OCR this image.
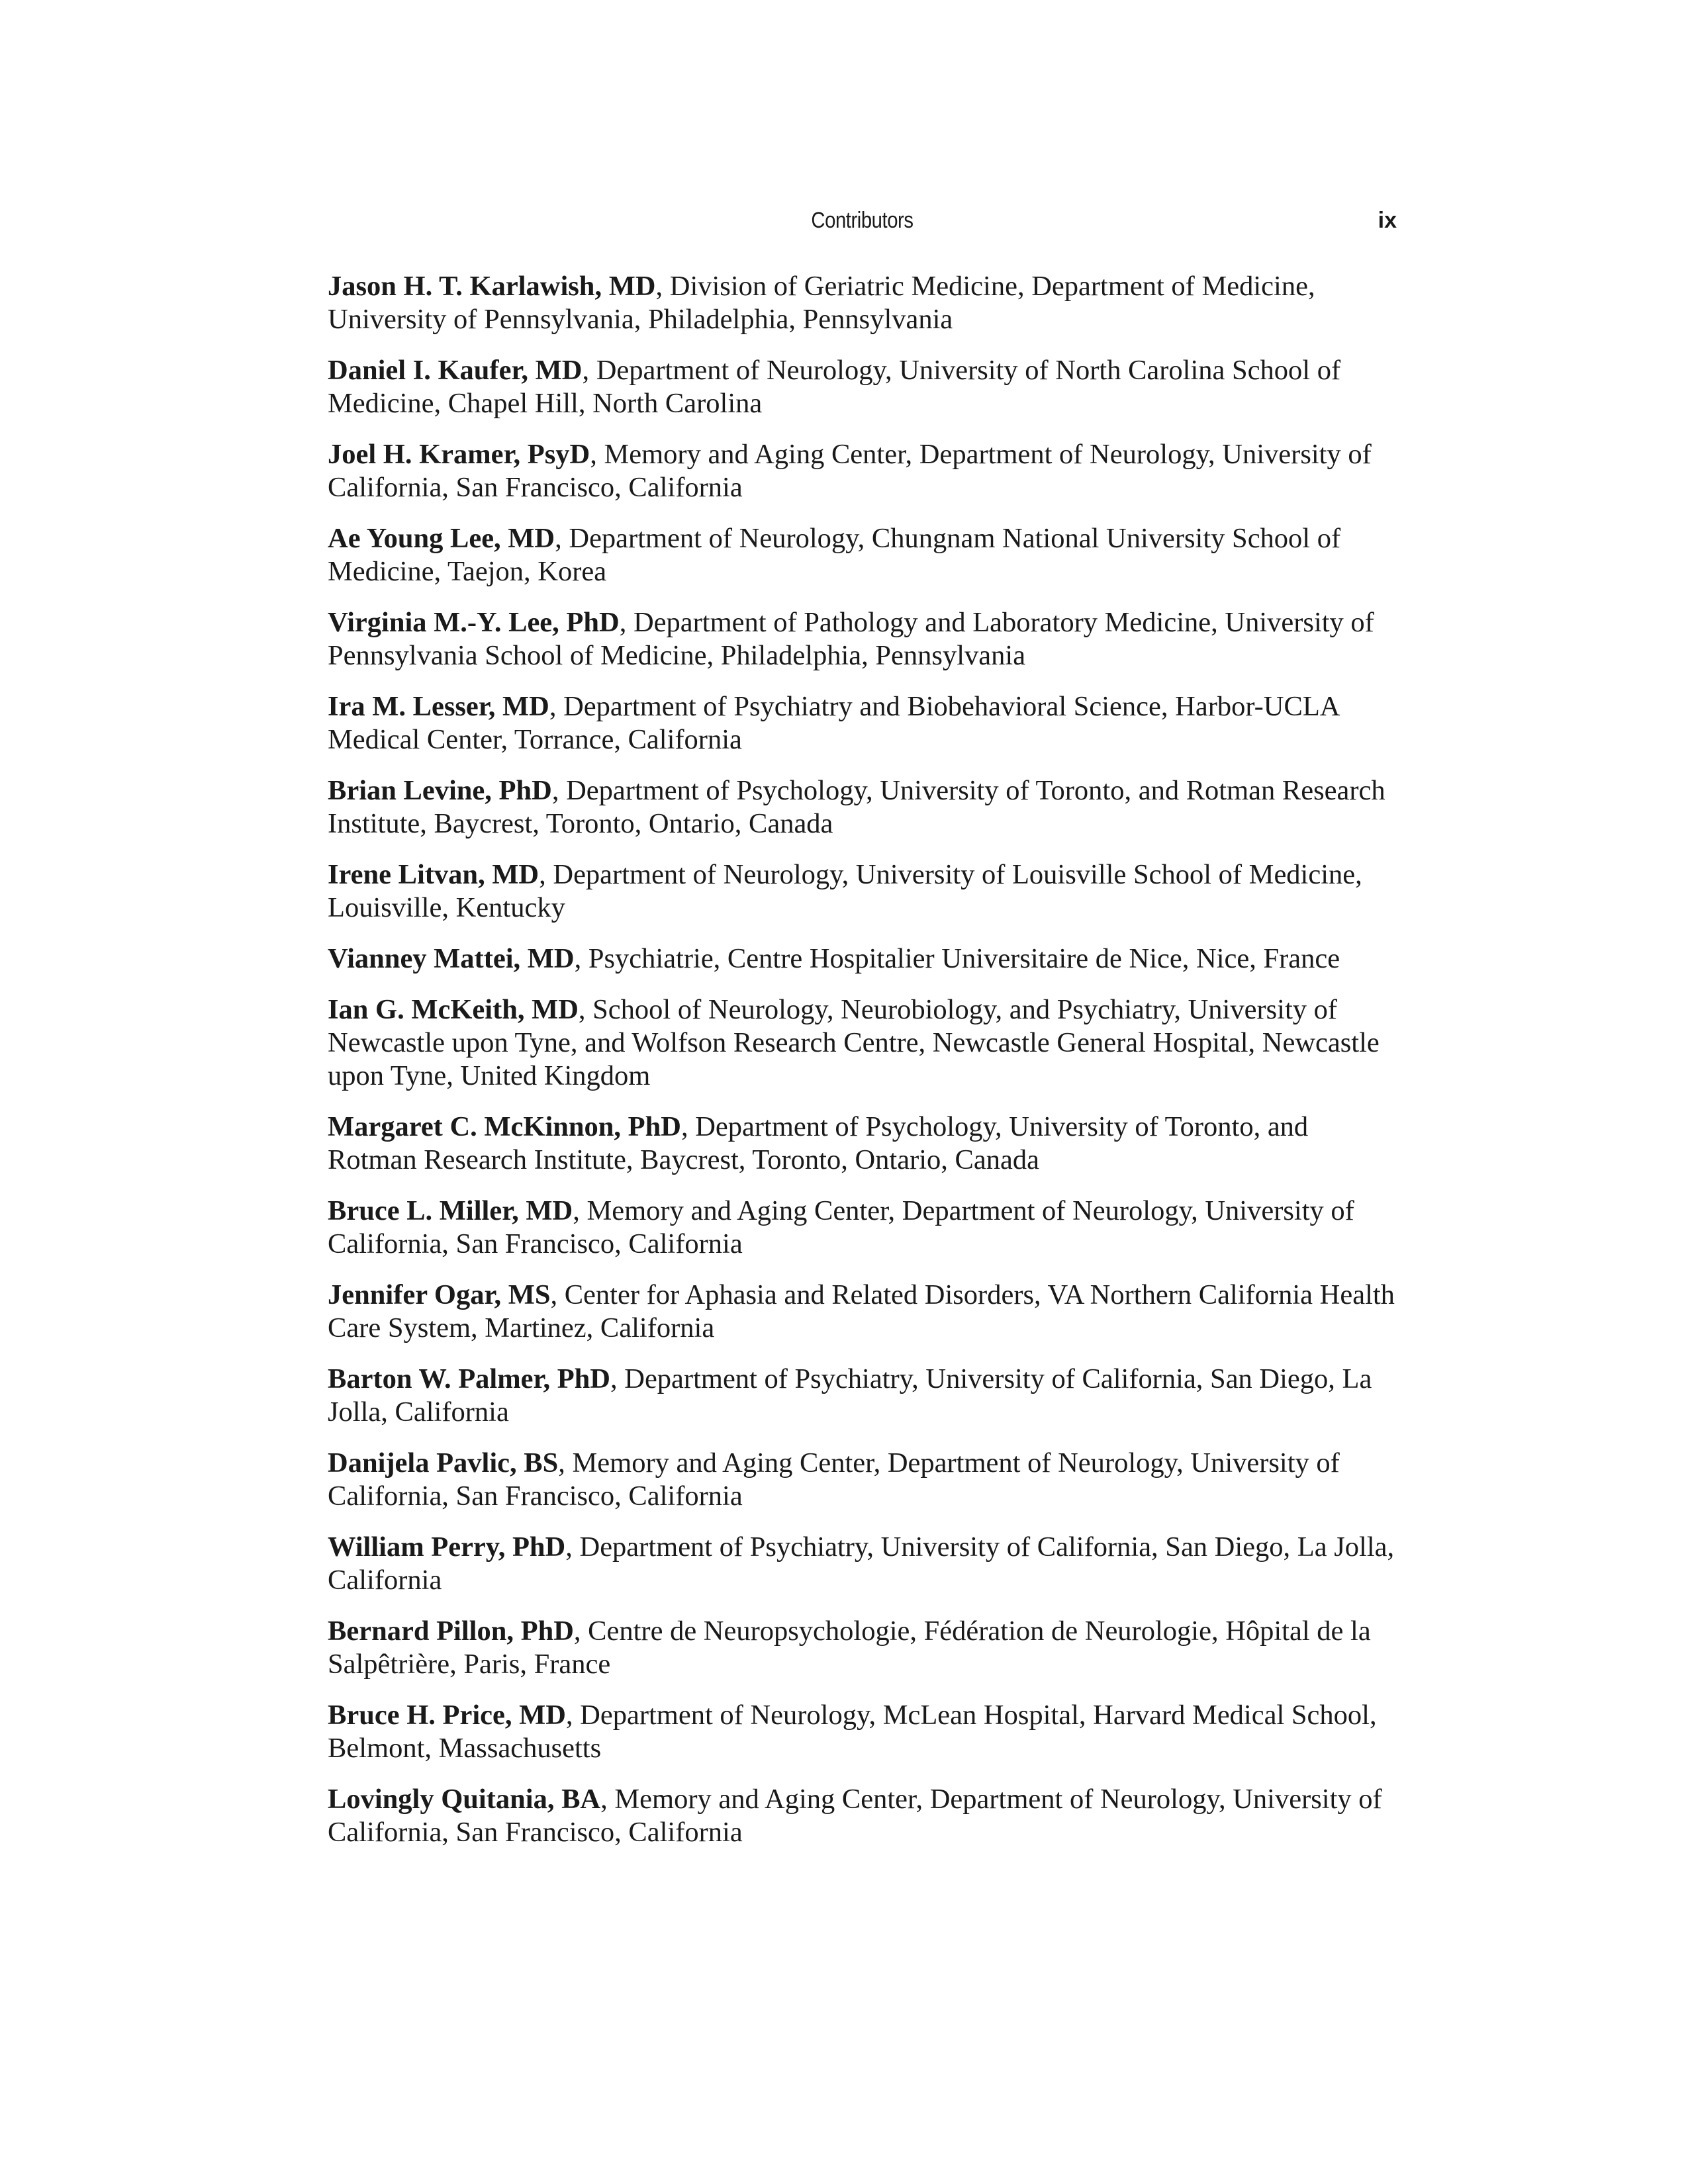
Contributors	ix
Jason H. T. Karlawish, MD, Division of Geriatric Medicine, Department of Medicine, University of Pennsylvania, Philadelphia, Pennsylvania
Daniel I. Kaufer, MD, Department of Neurology, University of North Carolina School of Medicine, Chapel Hill, North Carolina
Joel H. Kramer, PsyD, Memory and Aging Center, Department of Neurology, University of California, San Francisco, California
Ae Young Lee, MD, Department of Neurology, Chungnam National University School of Medicine, Taejon, Korea
Virginia M.-Y. Lee, PhD, Department of Pathology and Laboratory Medicine, University of Pennsylvania School of Medicine, Philadelphia, Pennsylvania
Ira M. Lesser, MD, Department of Psychiatry and Biobehavioral Science, Harbor-UCLA Medical Center, Torrance, California
Brian Levine, PhD, Department of Psychology, University of Toronto, and Rotman Research Institute, Baycrest, Toronto, Ontario, Canada
Irene Litvan, MD, Department of Neurology, University of Louisville School of Medicine, Louisville, Kentucky
Vianney Mattei, MD, Psychiatrie, Centre Hospitalier Universitaire de Nice, Nice, France
Ian G. McKeith, MD, School of Neurology, Neurobiology, and Psychiatry, University of Newcastle upon Tyne, and Wolfson Research Centre, Newcastle General Hospital, Newcastle upon Tyne, United Kingdom
Margaret C. McKinnon, PhD, Department of Psychology, University of Toronto, and Rotman Research Institute, Baycrest, Toronto, Ontario, Canada
Bruce L. Miller, MD, Memory and Aging Center, Department of Neurology, University of California, San Francisco, California
Jennifer Ogar, MS, Center for Aphasia and Related Disorders, VA Northern California Health Care System, Martinez, California
Barton W. Palmer, PhD, Department of Psychiatry, University of California, San Diego, La Jolla, California
Danijela Pavlic, BS, Memory and Aging Center, Department of Neurology, University of California, San Francisco, California
William Perry, PhD, Department of Psychiatry, University of California, San Diego, La Jolla, California
Bernard Pillon, PhD, Centre de Neuropsychologie, Fédération de Neurologie, Hôpital de la Salpêtrière, Paris, France
Bruce H. Price, MD, Department of Neurology, McLean Hospital, Harvard Medical School, Belmont, Massachusetts
Lovingly Quitania, BA, Memory and Aging Center, Department of Neurology, University of California, San Francisco, California
